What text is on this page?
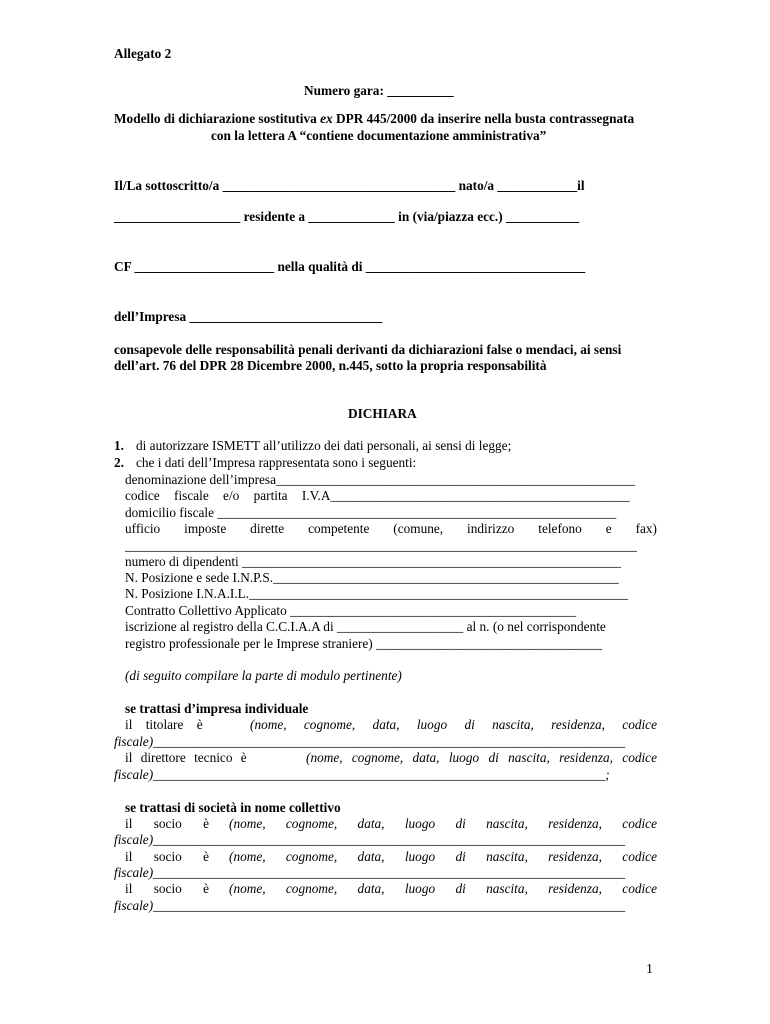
Allegato 2
Numero gara: __________
Modello di dichiarazione sostitutiva ex DPR 445/2000 da inserire nella busta contrassegnata
con la lettera A “contiene documentazione amministrativa”
Il/La sottoscritto/a ___________________________________ nato/a ____________il
___________________ residente a _____________ in (via/piazza ecc.) ___________
CF _____________________ nella qualità di _________________________________
dell’Impresa _____________________________
consapevole delle responsabilità penali derivanti da dichiarazioni false o mendaci, ai sensi
dell’art. 76 del DPR 28 Dicembre 2000, n.445, sotto la propria responsabilità
DICHIARA
1. di autorizzare ISMETT all’utilizzo dei dati personali, ai sensi di legge;
2. che i dati dell’Impresa rappresentata sono i seguenti:
denominazione dell’impresa______________________________________________________
codice fiscale e/o partita I.V.A_____________________________________________
domicilio fiscale ____________________________________________________________
ufficio imposte dirette competente (comune, indirizzo telefono e fax)
_____________________________________________________________________________
numero di dipendenti _________________________________________________________
N. Posizione e sede I.N.P.S.____________________________________________________
N. Posizione I.N.A.I.L._________________________________________________________
Contratto Collettivo Applicato ___________________________________________
iscrizione al registro della C.C.I.A.A di ___________________ al n. (o nel corrispondente
registro professionale per le Imprese straniere) __________________________________
(di seguito compilare la parte di modulo pertinente)
se trattasi d’impresa individuale
il titolare è	(nome, cognome, data, luogo di nascita, residenza, codice
fiscale)_______________________________________________________________________
il direttore tecnico è	(nome, cognome, data, luogo di nascita, residenza, codice
fiscale)____________________________________________________________________;
se trattasi di società in nome collettivo
il socio è (nome, cognome, data, luogo di nascita, residenza, codice
fiscale)_______________________________________________________________________
il socio è (nome, cognome, data, luogo di nascita, residenza, codice
fiscale)_______________________________________________________________________
il socio è (nome, cognome, data, luogo di nascita, residenza, codice
fiscale)_______________________________________________________________________
1
